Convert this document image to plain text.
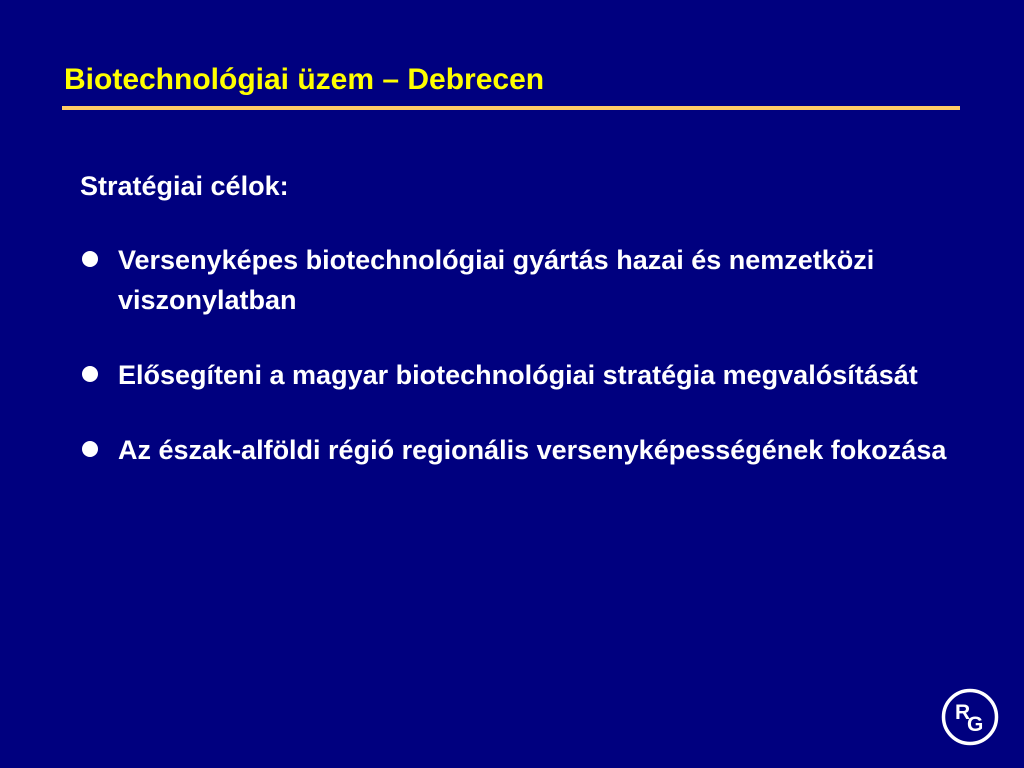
Biotechnológiai üzem – Debrecen
Stratégiai célok:
Versenyképes biotechnológiai gyártás hazai és nemzetközi viszonylatban
Elősegíteni a magyar biotechnológiai stratégia megvalósítását
Az észak-alföldi régió regionális versenyképességének fokozása
R
G
